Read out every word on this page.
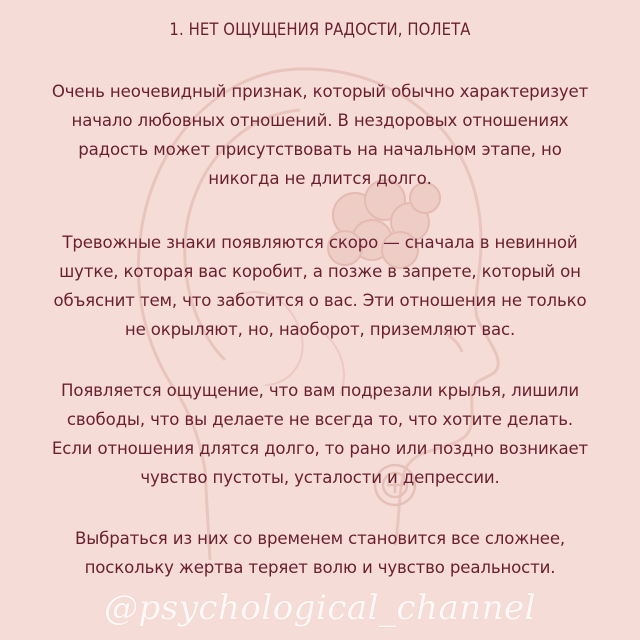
1. НЕТ ОЩУЩЕНИЯ РАДОСТИ, ПОЛЕТА
Очень неочевидный признак, который обычно характеризует
начало любовных отношений. В нездоровых отношениях
радость может присутствовать на начальном этапе, но
никогда не длится долго.
Тревожные знаки появляются скоро — сначала в невинной
шутке, которая вас коробит, а позже в запрете, который он
объяснит тем, что заботится о вас. Эти отношения не только
не окрыляют, но, наоборот, приземляют вас.
Появляется ощущение, что вам подрезали крылья, лишили
свободы, что вы делаете не всегда то, что хотите делать.
Если отношения длятся долго, то рано или поздно возникает
чувство пустоты, усталости и депрессии.
Выбраться из них со временем становится все сложнее,
поскольку жертва теряет волю и чувство реальности.
@psychological_channel
